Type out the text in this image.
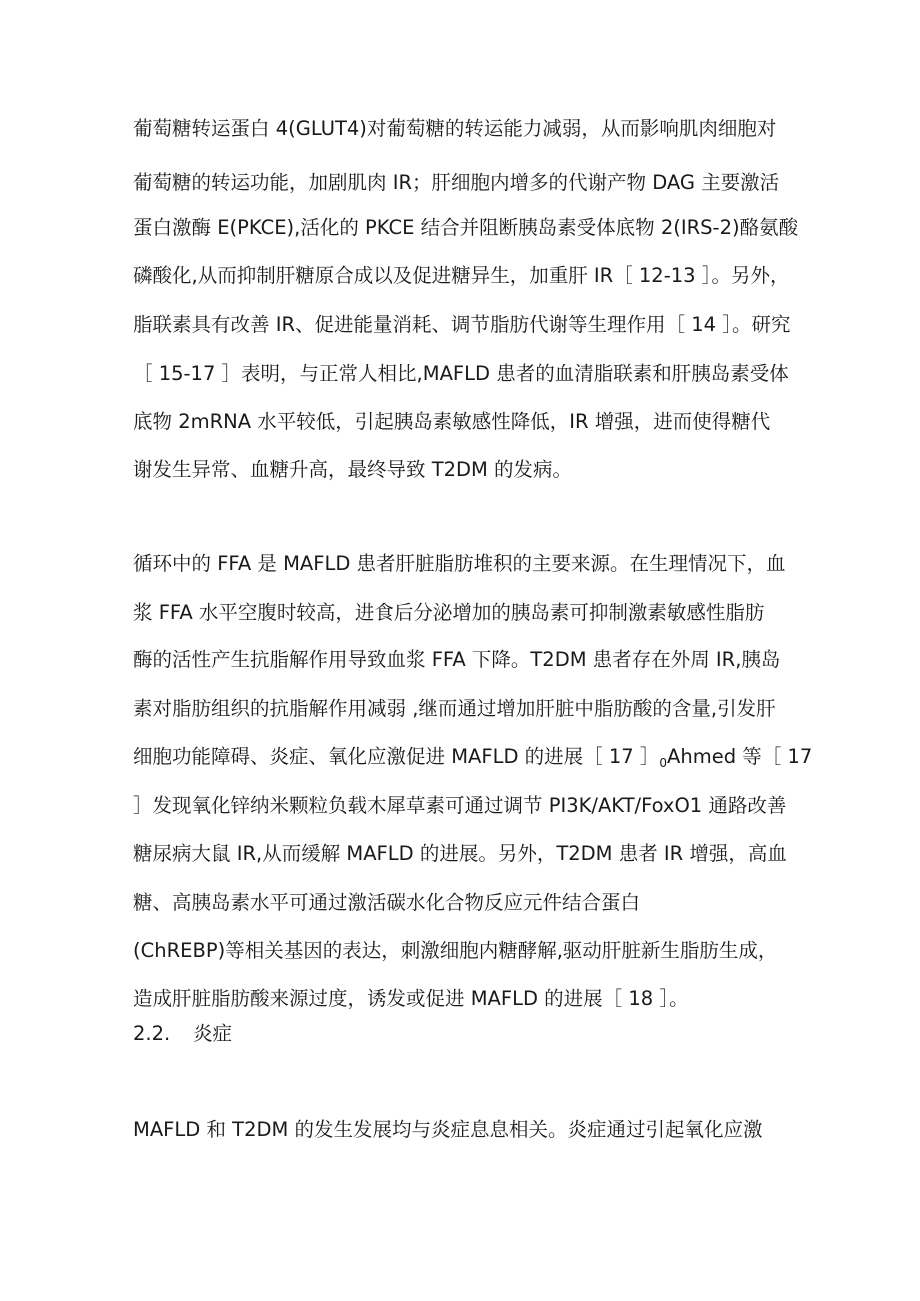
葡萄糖转运蛋白 4(GLUT4)对葡萄糖的转运能力减弱，从而影响肌肉细胞对
葡萄糖的转运功能，加剧肌肉 IR；肝细胞内增多的代谢产物 DAG 主要激活
蛋白激酶 E(PKCE),活化的 PKCE 结合并阻断胰岛素受体底物 2(IRS-2)酪氨酸
磷酸化,从而抑制肝糖原合成以及促进糖异生，加重肝 IR［ 12-13 ］。另外，
脂联素具有改善 IR、促进能量消耗、调节脂肪代谢等生理作用［ 14 ］。研究
［ 15-17 ］表明，与正常人相比,MAFLD 患者的血清脂联素和肝胰岛素受体
底物 2mRNA 水平较低，引起胰岛素敏感性降低，IR 增强，进而使得糖代
谢发生异常、血糖升高，最终导致 T2DM 的发病。
循环中的 FFA 是 MAFLD 患者肝脏脂肪堆积的主要来源。在生理情况下，血
浆 FFA 水平空腹时较高，进食后分泌增加的胰岛素可抑制激素敏感性脂肪
酶的活性产生抗脂解作用导致血浆 FFA 下降。T2DM 患者存在外周 IR,胰岛
素对脂肪组织的抗脂解作用减弱 ,继而通过增加肝脏中脂肪酸的含量,引发肝
细胞功能障碍、炎症、氧化应激促进 MAFLD 的进展［ 17 $]_0Ahmed$ 等［ 17
］发现氧化锌纳米颗粒负载木犀草素可通过调节 PI3K/AKT/FoxO1 通路改善
糖尿病大鼠 IR,从而缓解 MAFLD 的进展。另外，T2DM 患者 IR 增强，高血
糖、高胰岛素水平可通过激活碳水化合物反应元件结合蛋白
(ChREBP)等相关基因的表达，刺激细胞内糖酵解,驱动肝脏新生脂肪生成，
造成肝脏脂肪酸来源过度，诱发或促进 MAFLD 的进展［ 18 ］。
2.2. 炎症
MAFLD 和 T2DM 的发生发展均与炎症息息相关。炎症通过引起氧化应激
